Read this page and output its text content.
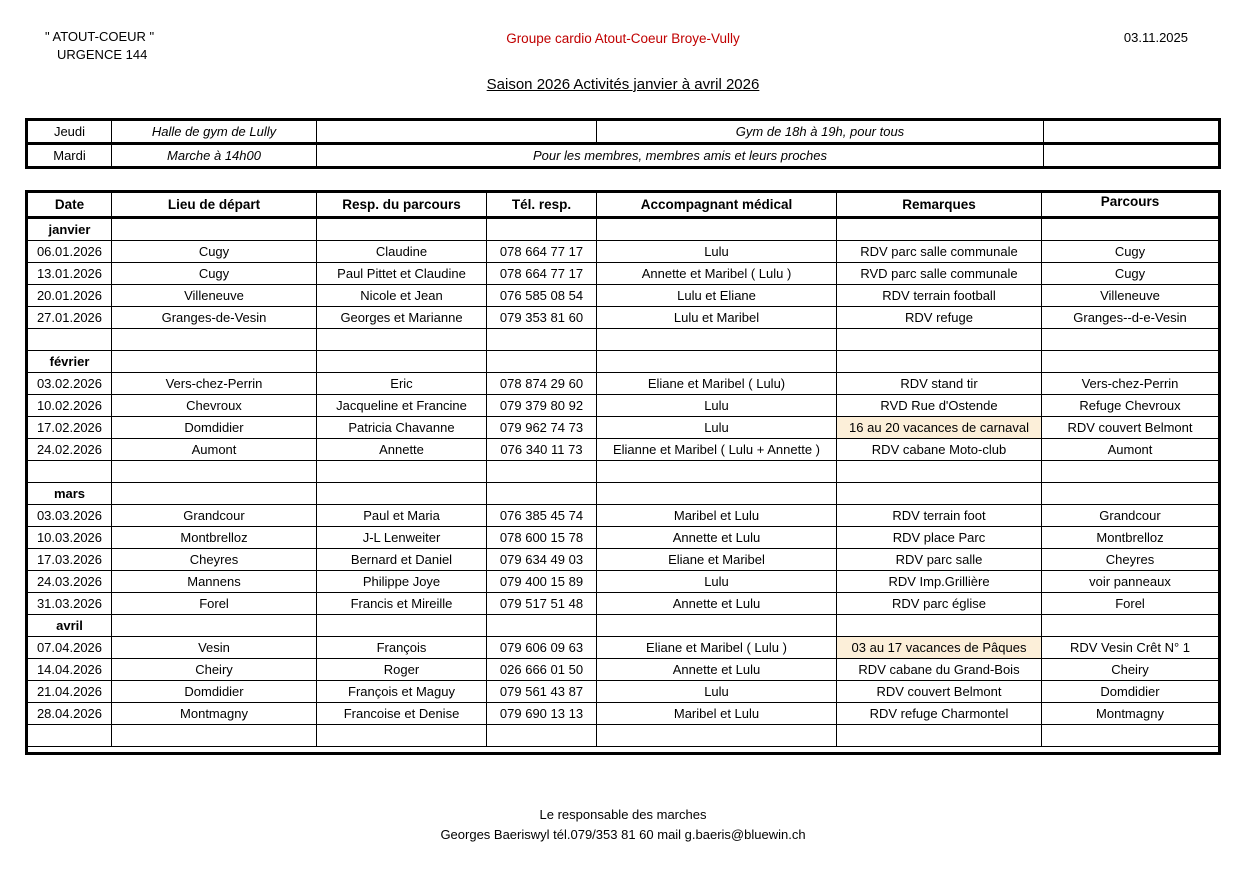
" ATOUT-COEUR "
URGENCE 144
Groupe cardio Atout-Coeur Broye-Vully	03.11.2025
Saison 2026 Activités janvier à avril 2026
Jeudi	Halle de gym de Lully		Gym de 18h à 19h, pour tous	
Mardi	Marche à 14h00	Pour les membres, membres amis et leurs proches		
Date	Lieu de départ	Resp. du parcours	Tél. resp.	Accompagnant médical	Remarques	Parcours
janvier						
06.01.2026	Cugy	Claudine	078 664 77 17	Lulu	RDV parc salle communale	Cugy
13.01.2026	Cugy	Paul Pittet et Claudine	078 664 77 17	Annette et Maribel ( Lulu )	RVD parc salle communale	Cugy
20.01.2026	Villeneuve	Nicole et Jean	076 585 08 54	Lulu et Eliane	RDV terrain football	Villeneuve
27.01.2026	Granges-de-Vesin	Georges et Marianne	079 353 81 60	Lulu et Maribel	RDV refuge	Granges--d-e-Vesin

février						
03.02.2026	Vers-chez-Perrin	Eric	078 874 29 60	Eliane et Maribel ( Lulu)	RDV stand tir	Vers-chez-Perrin
10.02.2026	Chevroux	Jacqueline et Francine	079 379 80 92	Lulu	RVD Rue d'Ostende	Refuge Chevroux
17.02.2026	Domdidier	Patricia Chavanne	079 962 74 73	Lulu	16 au 20 vacances de carnaval	RDV couvert Belmont
24.02.2026	Aumont	Annette	076 340 11 73	Elianne et Maribel ( Lulu + Annette )	RDV cabane Moto-club	Aumont

mars						
03.03.2026	Grandcour	Paul et Maria	076 385 45 74	Maribel et Lulu	RDV terrain foot	Grandcour
10.03.2026	Montbrelloz	J-L Lenweiter	078 600 15 78	Annette et Lulu	RDV place Parc	Montbrelloz
17.03.2026	Cheyres	Bernard et Daniel	079 634 49 03	Eliane et Maribel	RDV parc salle	Cheyres
24.03.2026	Mannens	Philippe Joye	079 400 15 89	Lulu	RDV Imp.Grillière	voir panneaux
31.03.2026	Forel	Francis et Mireille	079 517 51 48	Annette et Lulu	RDV parc église	Forel
avril						
07.04.2026	Vesin	François	079 606 09 63	Eliane et Maribel ( Lulu )	03 au 17 vacances de Pâques	RDV Vesin Crêt N° 1
14.04.2026	Cheiry	Roger	026 666 01 50	Annette et Lulu	RDV cabane du Grand-Bois	Cheiry
21.04.2026	Domdidier	François et Maguy	079 561 43 87	Lulu	RDV couvert Belmont	Domdidier
28.04.2026	Montmagny	Francoise et Denise	079 690 13 13	Maribel et Lulu	RDV refuge Charmontel	Montmagny

Le responsable des marches
Georges Baeriswyl tél.079/353 81 60 mail g.baeris@bluewin.ch
